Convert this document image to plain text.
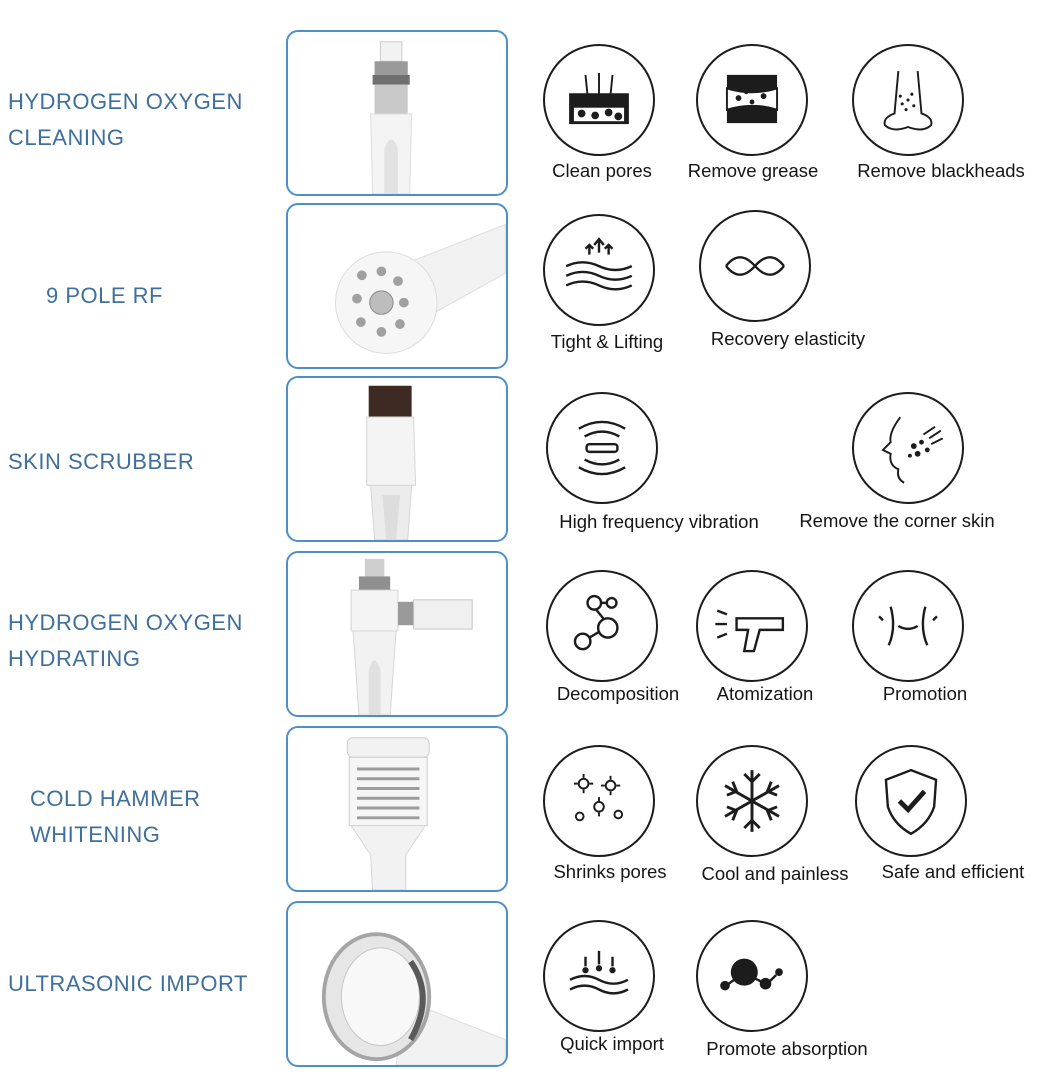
HYDROGEN OXYGEN
CLEANING
9 POLE RF
SKIN SCRUBBER
HYDROGEN OXYGEN
HYDRATING
COLD HAMMER
WHITENING
ULTRASONIC IMPORT
Clean pores Remove grease Remove blackheads
Tight & Lifting	Recovery elasticity
High frequency vibration Remove the corner skin
Decomposition Atomization	Promotion
Shrinks pores Cool and painless Safe and efficient
Quick import Promote absorption
